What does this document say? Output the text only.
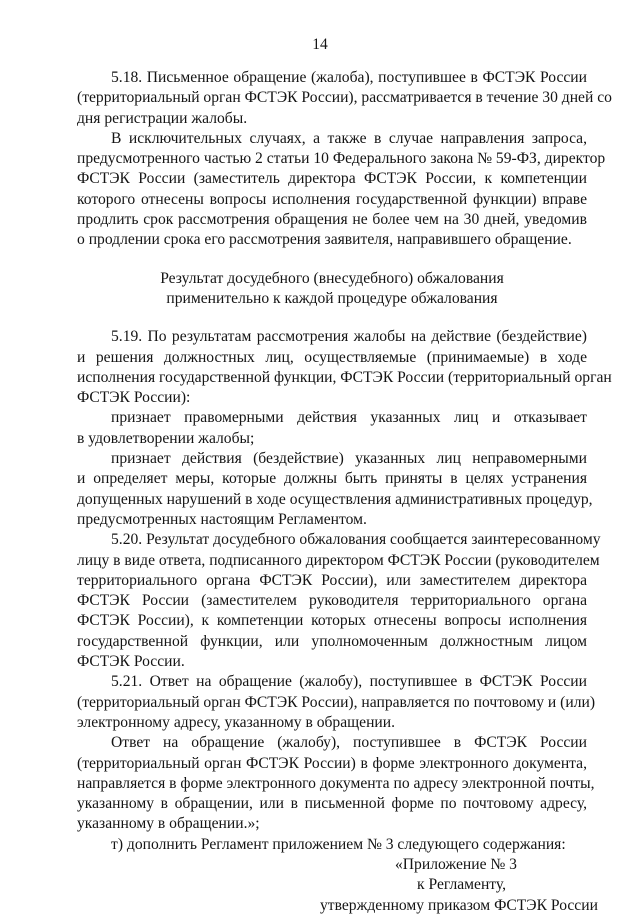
14
5.18. Письменное обращение (жалоба), поступившее в ФСТЭК России
(территориальный орган ФСТЭК России), рассматривается в течение 30 дней со
дня регистрации жалобы.
В исключительных случаях, а также в случае направления запроса,
предусмотренного частью 2 статьи 10 Федерального закона № 59-ФЗ, директор
ФСТЭК России (заместитель директора ФСТЭК России, к компетенции
которого отнесены вопросы исполнения государственной функции) вправе
продлить срок рассмотрения обращения не более чем на 30 дней, уведомив
о продлении срока его рассмотрения заявителя, направившего обращение.
Результат досудебного (внесудебного) обжалования
применительно к каждой процедуре обжалования
5.19. По результатам рассмотрения жалобы на действие (бездействие)
и решения должностных лиц, осуществляемые (принимаемые) в ходе
исполнения государственной функции, ФСТЭК России (территориальный орган
ФСТЭК России):
признает правомерными действия указанных лиц и отказывает
в удовлетворении жалобы;
признает действия (бездействие) указанных лиц неправомерными
и определяет меры, которые должны быть приняты в целях устранения
допущенных нарушений в ходе осуществления административных процедур,
предусмотренных настоящим Регламентом.
5.20. Результат досудебного обжалования сообщается заинтересованному
лицу в виде ответа, подписанного директором ФСТЭК России (руководителем
территориального органа ФСТЭК России), или заместителем директора
ФСТЭК России (заместителем руководителя территориального органа
ФСТЭК России), к компетенции которых отнесены вопросы исполнения
государственной функции, или уполномоченным должностным лицом
ФСТЭК России.
5.21. Ответ на обращение (жалобу), поступившее в ФСТЭК России
(территориальный орган ФСТЭК России), направляется по почтовому и (или)
электронному адресу, указанному в обращении.
Ответ на обращение (жалобу), поступившее в ФСТЭК России
(территориальный орган ФСТЭК России) в форме электронного документа,
направляется в форме электронного документа по адресу электронной почты,
указанному в обращении, или в письменной форме по почтовому адресу,
указанному в обращении.»;
т) дополнить Регламент приложением № 3 следующего содержания:
«Приложение № 3
к Регламенту,
утвержденному приказом ФСТЭК России
